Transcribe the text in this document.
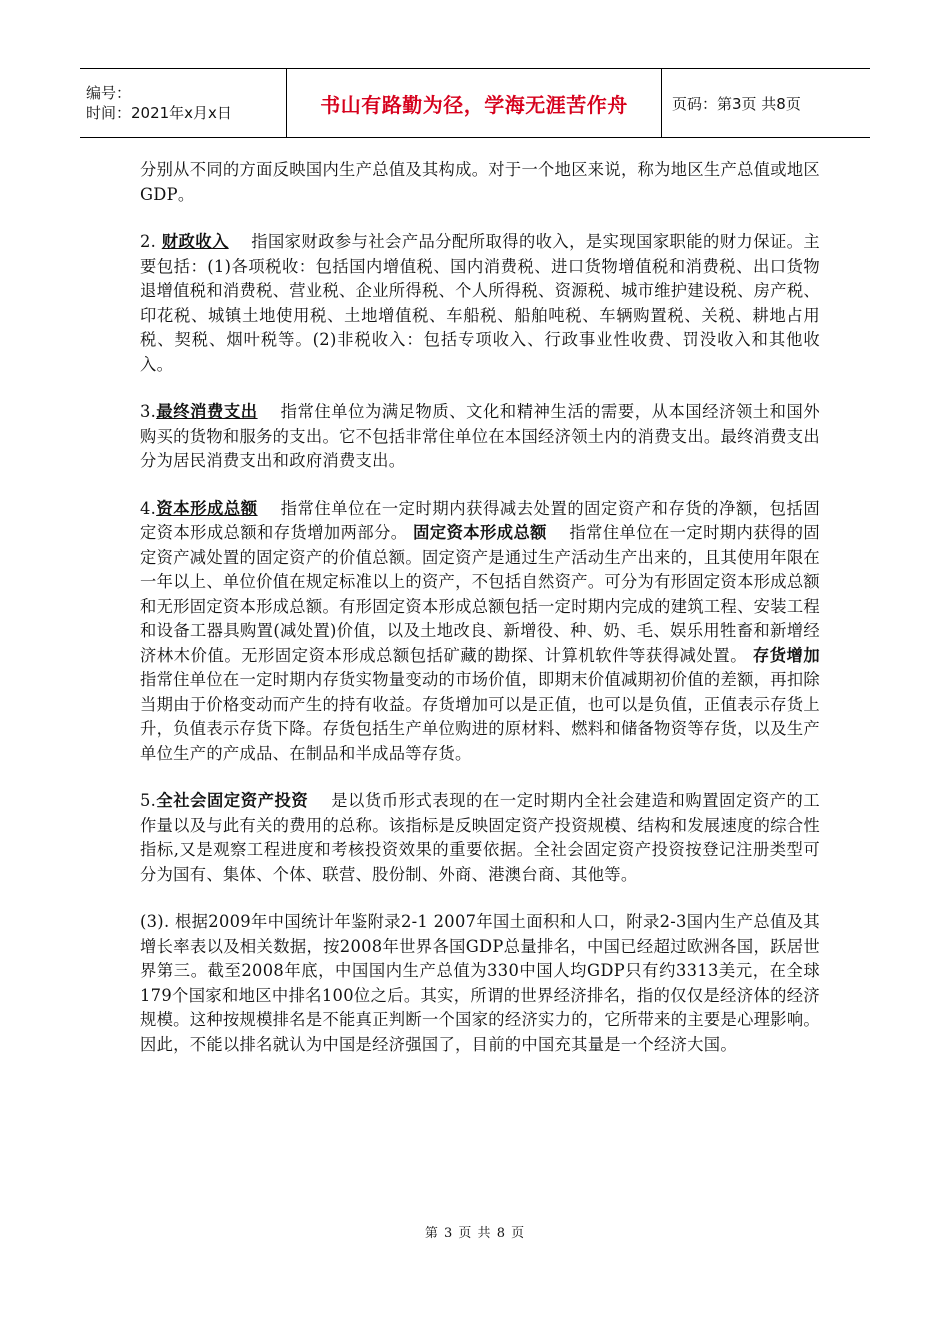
编号：
时间：2021年x月x日	书山有路勤为径，学海无涯苦作舟	页码：第3页 共8页

分别从不同的方面反映国内生产总值及其构成。对于一个地区来说，称为地区生产总值或地区GDP。

2. 财政收入    指国家财政参与社会产品分配所取得的收入，是实现国家职能的财力保证。主要包括：(1)各项税收：包括国内增值税、国内消费税、进口货物增值税和消费税、出口货物退增值税和消费税、营业税、企业所得税、个人所得税、资源税、城市维护建设税、房产税、印花税、城镇土地使用税、土地增值税、车船税、船舶吨税、车辆购置税、关税、耕地占用税、契税、烟叶税等。(2)非税收入：包括专项收入、行政事业性收费、罚没收入和其他收入。

3.最终消费支出    指常住单位为满足物质、文化和精神生活的需要，从本国经济领土和国外购买的货物和服务的支出。它不包括非常住单位在本国经济领土内的消费支出。最终消费支出分为居民消费支出和政府消费支出。

4.资本形成总额    指常住单位在一定时期内获得减去处置的固定资产和存货的净额，包括固定资本形成总额和存货增加两部分。 固定资本形成总额    指常住单位在一定时期内获得的固定资产减处置的固定资产的价值总额。固定资产是通过生产活动生产出来的，且其使用年限在一年以上、单位价值在规定标准以上的资产，不包括自然资产。可分为有形固定资本形成总额和无形固定资本形成总额。有形固定资本形成总额包括一定时期内完成的建筑工程、安装工程和设备工器具购置(减处置)价值，以及土地改良、新增役、种、奶、毛、娱乐用牲畜和新增经济林木价值。无形固定资本形成总额包括矿藏的勘探、计算机软件等获得减处置。 存货增加    指常住单位在一定时期内存货实物量变动的市场价值，即期末价值减期初价值的差额，再扣除当期由于价格变动而产生的持有收益。存货增加可以是正值，也可以是负值，正值表示存货上升，负值表示存货下降。存货包括生产单位购进的原材料、燃料和储备物资等存货，以及生产单位生产的产成品、在制品和半成品等存货。

5.全社会固定资产投资    是以货币形式表现的在一定时期内全社会建造和购置固定资产的工作量以及与此有关的费用的总称。该指标是反映固定资产投资规模、结构和发展速度的综合性指标,又是观察工程进度和考核投资效果的重要依据。全社会固定资产投资按登记注册类型可分为国有、集体、个体、联营、股份制、外商、港澳台商、其他等。

(3). 根据2009年中国统计年鉴附录2-1 2007年国土面积和人口，附录2-3国内生产总值及其增长率表以及相关数据，按2008年世界各国GDP总量排名，中国已经超过欧洲各国，跃居世界第三。截至2008年底，中国国内生产总值为330中国人均GDP只有约3313美元，在全球179个国家和地区中排名100位之后。其实，所谓的世界经济排名，指的仅仅是经济体的经济规模。这种按规模排名是不能真正判断一个国家的经济实力的，它所带来的主要是心理影响。因此，不能以排名就认为中国是经济强国了，目前的中国充其量是一个经济大国。

第 3 页 共 8 页
